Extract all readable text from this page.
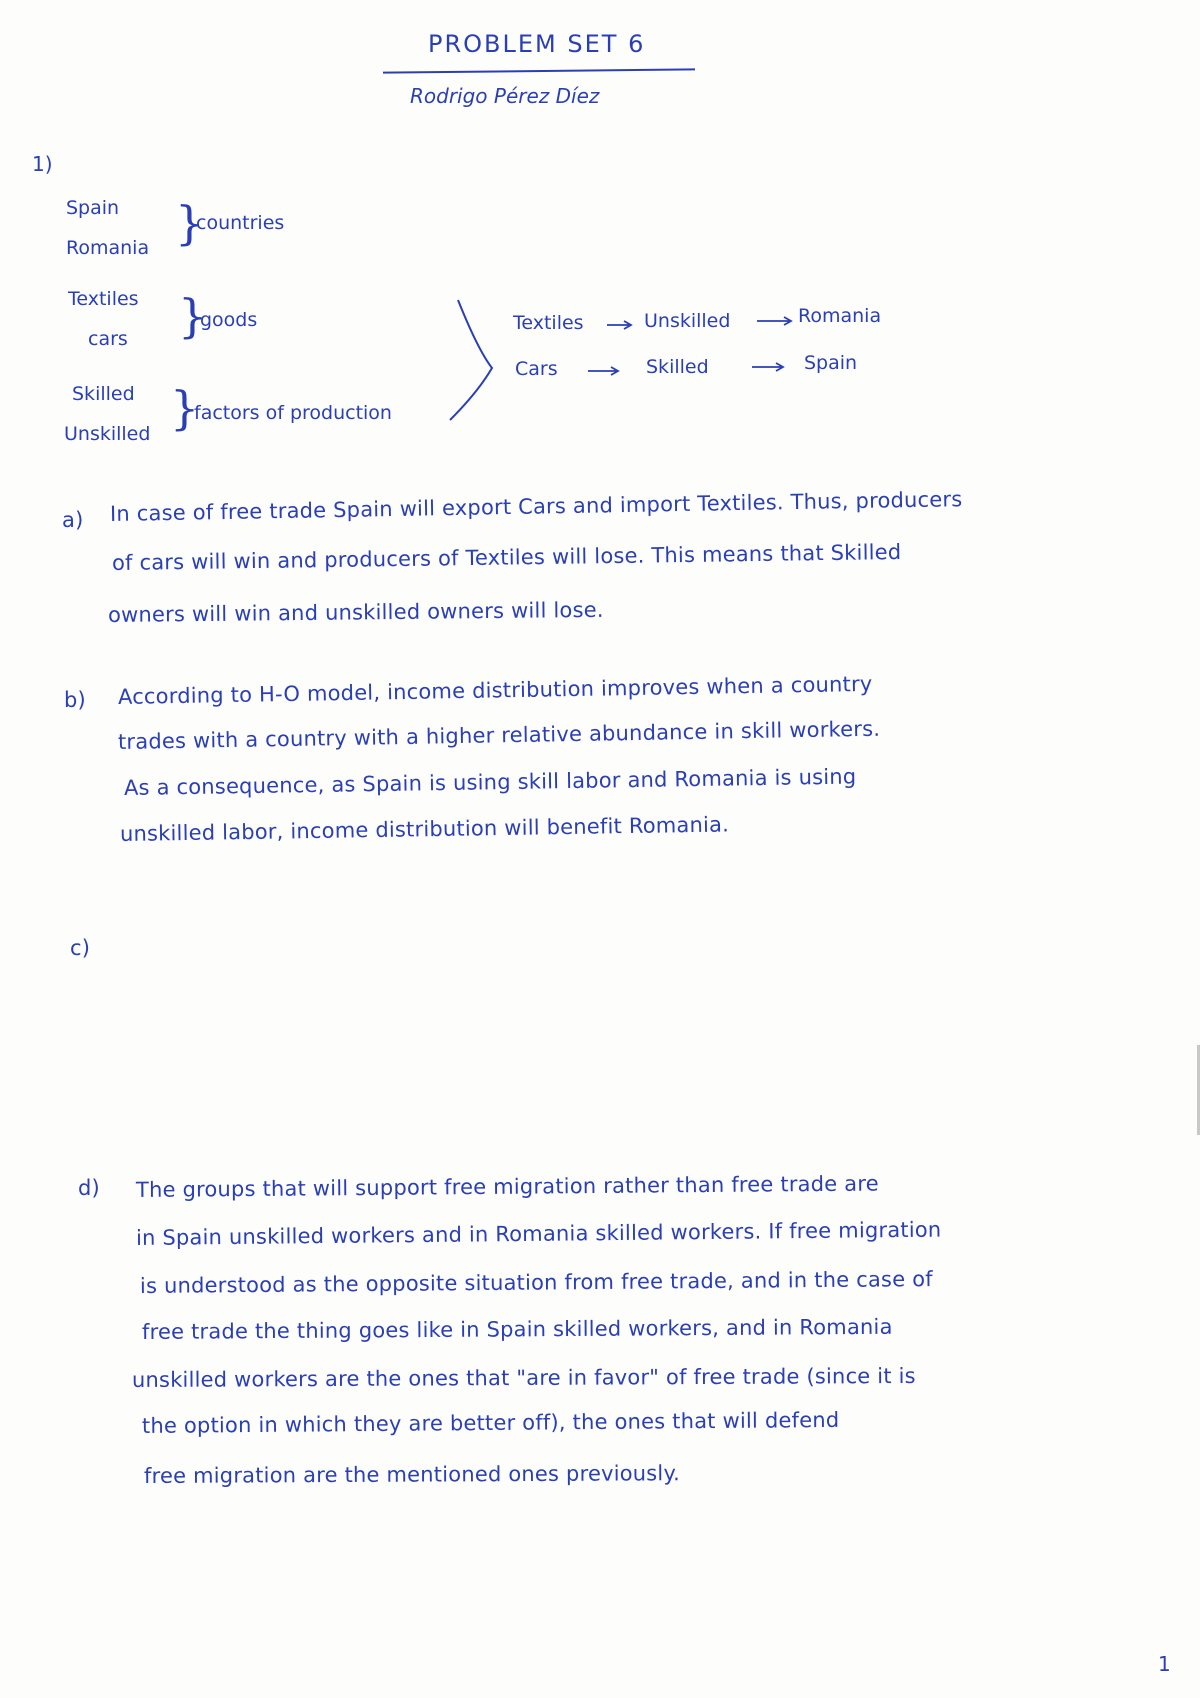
PROBLEM SET 6
Rodrigo Pérez Díez
1)
Spain
Romania }
countries
Textiles
cars }
goods
Skilled
Unskilled }
factors of production
Textiles	Unskilled	Romania
Cars	Skilled	Spain
a) In case of free trade Spain will export Cars and import Textiles. Thus, producers
of cars will win and producers of Textiles will lose. This means that Skilled
owners will win and unskilled owners will lose.
b) According to H-O model, income distribution improves when a country
trades with a country with a higher relative abundance in skill workers.
As a consequence, as Spain is using skill labor and Romania is using
unskilled labor, income distribution will benefit Romania.
c)
d) The groups that will support free migration rather than free trade are
in Spain unskilled workers and in Romania skilled workers. If free migration
is understood as the opposite situation from free trade, and in the case of
free trade the thing goes like in Spain skilled workers, and in Romania
unskilled workers are the ones that "are in favor" of free trade (since it is
the option in which they are better off), the ones that will defend
free migration are the mentioned ones previously.
1
